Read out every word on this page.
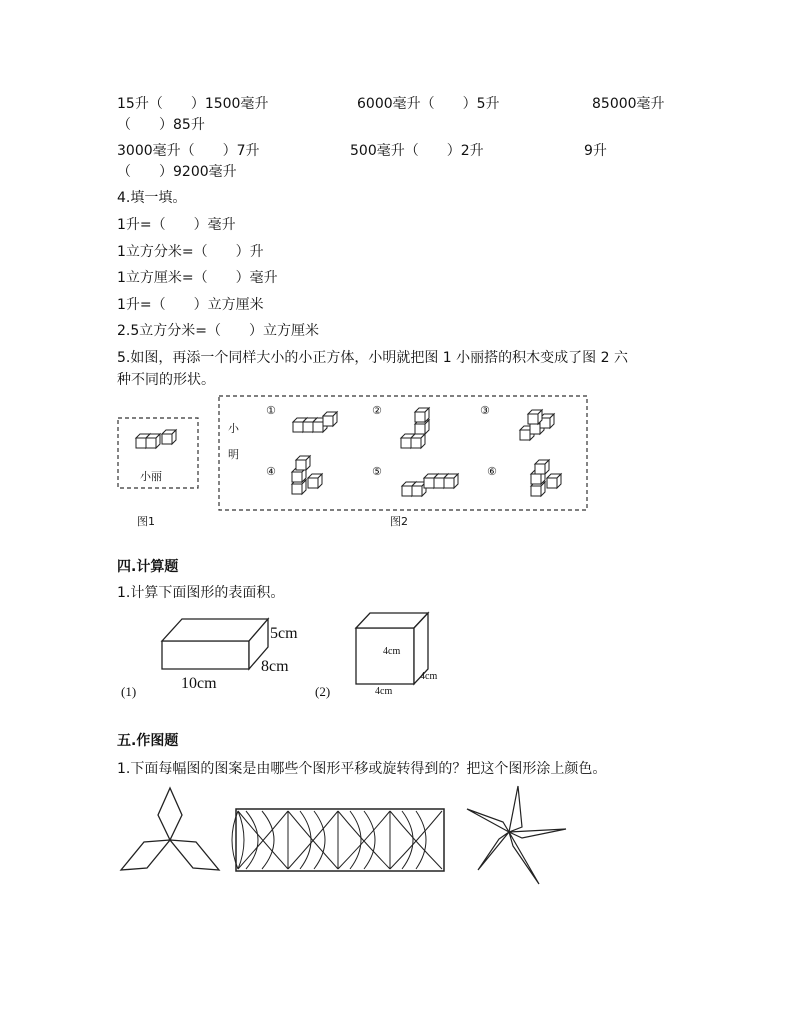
15升（　　）1500毫升	6000毫升（　　）5升	85000毫升
（　　）85升
3000毫升（　　）7升	500毫升（　　）2升	9升
（　　）9200毫升
4.填一填。
1升=（　　）毫升
1立方分米=（　　）升
1立方厘米=（　　）毫升
1升=（　　）立方厘米
2.5立方分米=（　　）立方厘米
5.如图，再添一个同样大小的小正方体，小明就把图 1 小丽搭的积木变成了图 2 六
种不同的形状。
小丽
图1	图2
小
明
①	②	③
④	⑤	⑥
四.计算题
1.计算下面图形的表面积。
5cm
8cm
10cm
(1)	(2)
4cm
4cm
4cm
五.作图题
1.下面每幅图的图案是由哪些个图形平移或旋转得到的？把这个图形涂上颜色。
